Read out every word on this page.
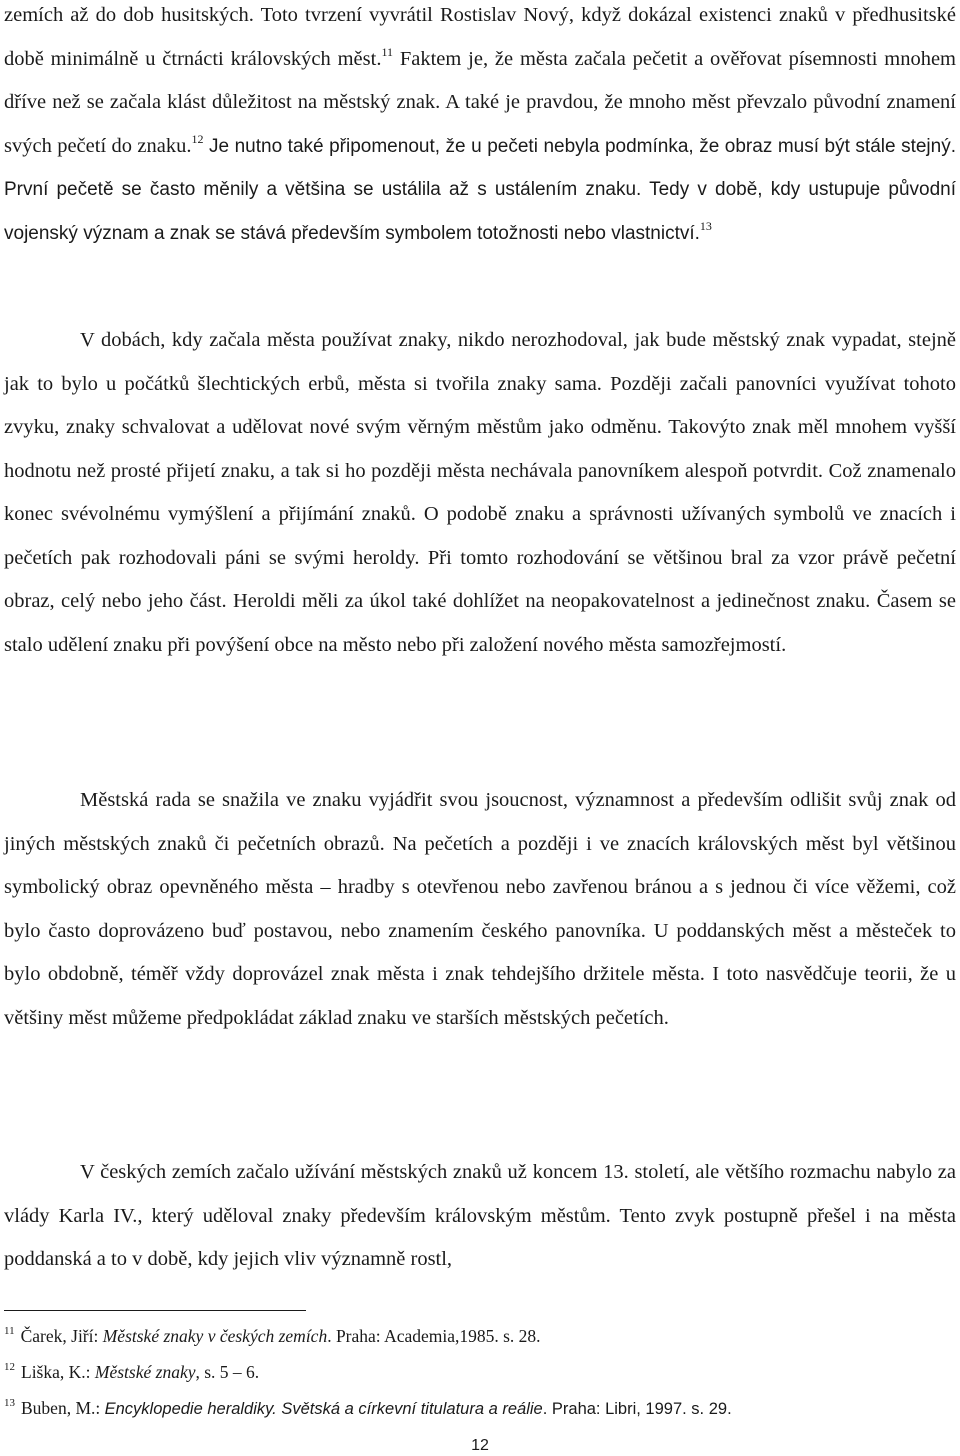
zemích až do dob husitských. Toto tvrzení vyvrátil Rostislav Nový, když dokázal existenci znaků v předhusitské době minimálně u čtrnácti královských měst.$^{11}$ Faktem je, že města začala pečetit a ověřovat písemnosti mnohem dříve než se začala klást důležitost na městský znak. A také je pravdou, že mnoho měst převzalo původní znamení svých pečetí do znaku.$^{12}$ Je nutno také připomenout, že u pečeti nebyla podmínka, že obraz musí být stále stejný. První pečetě se často měnily a většina se ustálila až s ustálením znaku. Tedy v době, kdy ustupuje původní vojenský význam a znak se stává především symbolem totožnosti nebo vlastnictví.$^{13}$

V dobách, kdy začala města používat znaky, nikdo nerozhodoval, jak bude městský znak vypadat, stejně jak to bylo u počátků šlechtických erbů, města si tvořila znaky sama. Později začali panovníci využívat tohoto zvyku, znaky schvalovat a udělovat nové svým věrným městům jako odměnu. Takovýto znak měl mnohem vyšší hodnotu než prosté přijetí znaku, a tak si ho později města nechávala panovníkem alespoň potvrdit. Což znamenalo konec svévolnému vymýšlení a přijímání znaků. O podobě znaku a správnosti užívaných symbolů ve znacích i pečetích pak rozhodovali páni se svými heroldy. Při tomto rozhodování se většinou bral za vzor právě pečetní obraz, celý nebo jeho část. Heroldi měli za úkol také dohlížet na neopakovatelnost a jedinečnost znaku. Časem se stalo udělení znaku při povýšení obce na město nebo při založení nového města samozřejmostí.

Městská rada se snažila ve znaku vyjádřit svou jsoucnost, významnost a především odlišit svůj znak od jiných městských znaků či pečetních obrazů. Na pečetích a později i ve znacích královských měst byl většinou symbolický obraz opevněného města – hradby s otevřenou nebo zavřenou bránou a s jednou či více věžemi, což bylo často doprovázeno buď postavou, nebo znamením českého panovníka. U poddanských měst a městeček to bylo obdobně, téměř vždy doprovázel znak města i znak tehdejšího držitele města. I toto nasvědčuje teorii, že u většiny měst můžeme předpokládat základ znaku ve starších městských pečetích.

V českých zemích začalo užívání městských znaků už koncem 13. století, ale většího rozmachu nabylo za vlády Karla IV., který uděloval znaky především královským městům. Tento zvyk postupně přešel i na města poddanská a to v době, kdy jejich vliv významně rostl,

$^{11}$ Čarek, Jiří: Městské znaky v českých zemích. Praha: Academia,1985. s. 28.
$^{12}$ Liška, K.: Městské znaky, s. 5 – 6.
$^{13}$ Buben, M.: Encyklopedie heraldiky. Světská a církevní titulatura a reálie. Praha: Libri, 1997. s. 29.
12
